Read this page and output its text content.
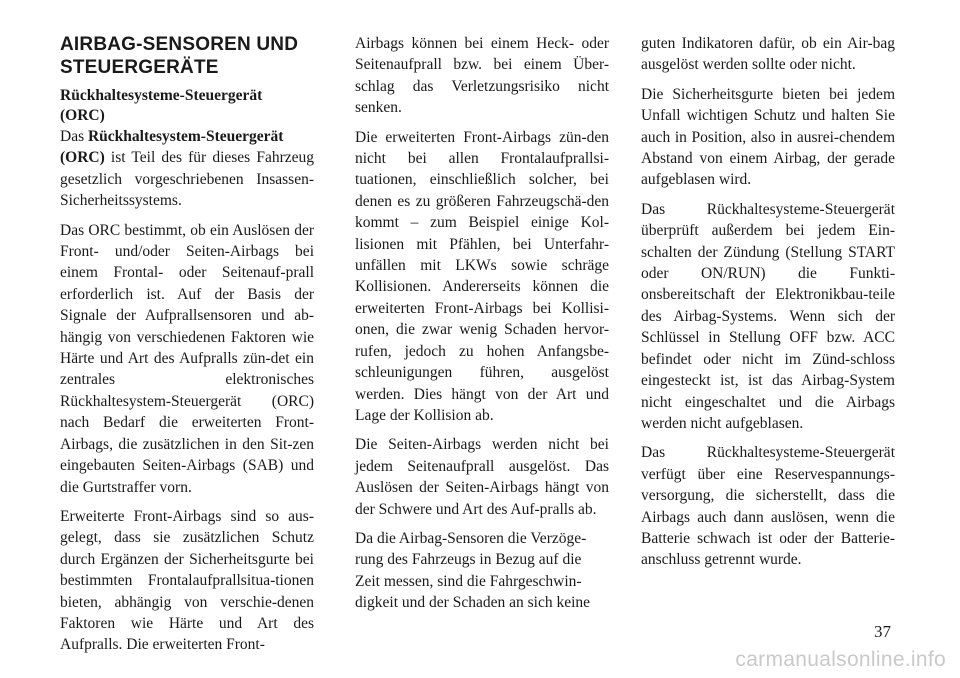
AIRBAG-SENSOREN UND
STEUERGERÄTE
Rückhaltesysteme-Steuergerät
(ORC)

Das Rückhaltesystem-Steuergerät
(ORC) ist Teil des für dieses Fahrzeug gesetzlich vorgeschriebenen Insassen-Sicherheitssystems.

Das ORC bestimmt, ob ein Auslösen der Front- und/oder Seiten-Airbags bei einem Frontal- oder Seitenauf-prall erforderlich ist. Auf der Basis der Signale der Aufprallsensoren und ab-hängig von verschiedenen Faktoren wie Härte und Art des Aufpralls zün-det ein zentrales elektronisches Rückhaltesystem-Steuergerät (ORC) nach Bedarf die erweiterten Front-Airbags, die zusätzlichen in den Sit-zen eingebauten Seiten-Airbags (SAB) und die Gurtstraffer vorn.

Erweiterte Front-Airbags sind so aus-gelegt, dass sie zusätzlichen Schutz durch Ergänzen der Sicherheitsgurte bei bestimmten Frontalaufprallsitua-tionen bieten, abhängig von verschie-denen Faktoren wie Härte und Art des Aufpralls. Die erweiterten Front-

Airbags können bei einem Heck- oder Seitenaufprall bzw. bei einem Über-schlag das Verletzungsrisiko nicht senken.

Die erweiterten Front-Airbags zün-den nicht bei allen Frontalaufprallsi-tuationen, einschließlich solcher, bei denen es zu größeren Fahrzeugschä-den kommt – zum Beispiel einige Kol-lisionen mit Pfählen, bei Unterfahr-unfällen mit LKWs sowie schräge Kollisionen. Andererseits können die erweiterten Front-Airbags bei Kollisi-onen, die zwar wenig Schaden hervor-rufen, jedoch zu hohen Anfangsbe-schleunigungen führen, ausgelöst werden. Dies hängt von der Art und Lage der Kollision ab.

Die Seiten-Airbags werden nicht bei jedem Seitenaufprall ausgelöst. Das Auslösen der Seiten-Airbags hängt von der Schwere und Art des Auf-pralls ab.

Da die Airbag-Sensoren die Verzöge-rung des Fahrzeugs in Bezug auf die Zeit messen, sind die Fahrgeschwin-digkeit und der Schaden an sich keine

guten Indikatoren dafür, ob ein Air-bag ausgelöst werden sollte oder nicht.

Die Sicherheitsgurte bieten bei jedem Unfall wichtigen Schutz und halten Sie auch in Position, also in ausrei-chendem Abstand von einem Airbag, der gerade aufgeblasen wird.

Das Rückhaltesysteme-Steuergerät überprüft außerdem bei jedem Ein-schalten der Zündung (Stellung START oder ON/RUN) die Funkti-onsbereitschaft der Elektronikbau-teile des Airbag-Systems. Wenn sich der Schlüssel in Stellung OFF bzw. ACC befindet oder nicht im Zünd-schloss eingesteckt ist, ist das Airbag-System nicht eingeschaltet und die Airbags werden nicht aufgeblasen.

Das Rückhaltesysteme-Steuergerät verfügt über eine Reservespannungs-versorgung, die sicherstellt, dass die Airbags auch dann auslösen, wenn die Batterie schwach ist oder der Batterie-anschluss getrennt wurde.

37
carmanualsonline.info
